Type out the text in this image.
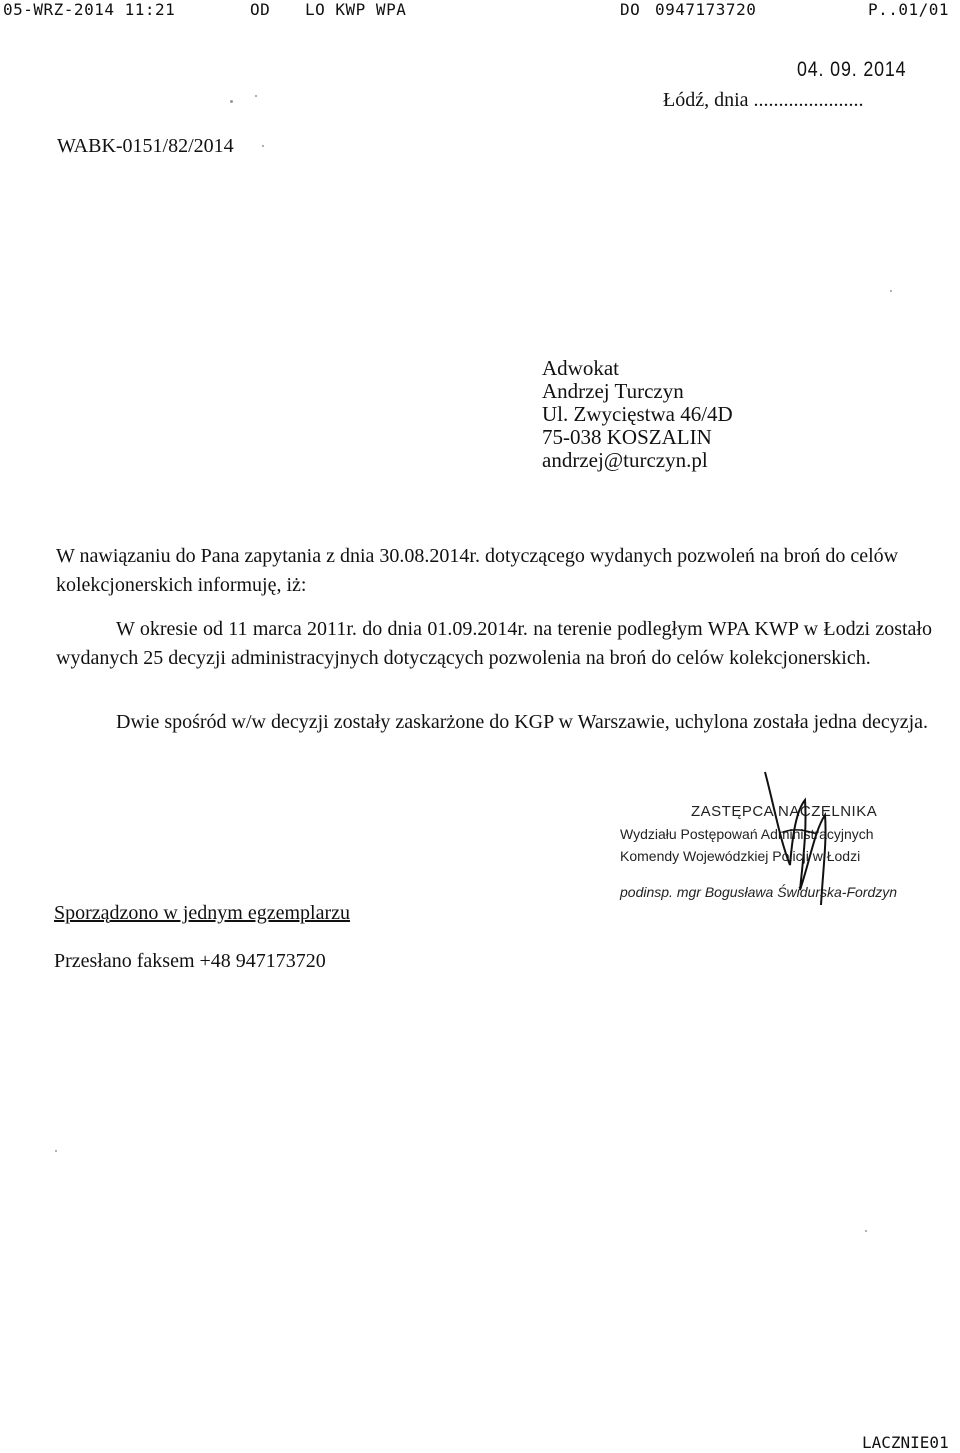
05-WRZ-2014 11:21	OD LO KWP WPA	DO 0947173720	P..01/01
04. 09. 2014
Łódź, dnia ......................
WABK-0151/82/2014
Adwokat
Andrzej Turczyn
Ul. Zwycięstwa 46/4D
75-038 KOSZALIN
andrzej@turczyn.pl
W nawiązaniu do Pana zapytania z dnia 30.08.2014r. dotyczącego wydanych pozwoleń na broń do celów kolekcjonerskich informuję, iż:
W okresie od 11 marca 2011r. do dnia 01.09.2014r. na terenie podległym WPA KWP w Łodzi zostało wydanych 25 decyzji administracyjnych dotyczących pozwolenia na broń do celów kolekcjonerskich.
Dwie spośród w/w decyzji zostały zaskarżone do KGP w Warszawie, uchylona została jedna decyzja.
ZASTĘPCA NACZELNIKA
Wydziału Postępowań Administracyjnych
Komendy Wojewódzkiej Policji w Łodzi
podinsp. mgr Bogusława Świdurska-Fordzyn
Sporządzono w jednym egzemplarzu
Przesłano faksem +48 947173720
LACZNIE01
